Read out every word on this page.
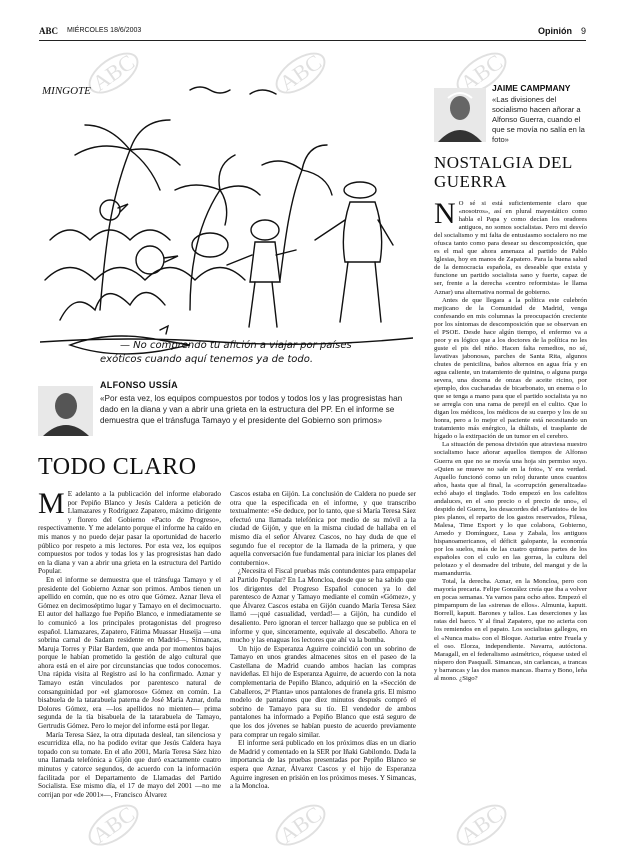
ABC MIÉRCOLES 18/6/2003	Opinión 9
ABC	ABC	ABC
ABC	ABC	ABC
MINGOTE
— No comprendo tu afición a viajar por países
exóticos cuando aquí tenemos ya de todo.
ALFONSO USSÍA
«Por esta vez, los equipos compuestos por todos y todos los y las progresistas han dado en la diana y van a abrir una grieta en la estructura del PP. En el informe se demuestra que el tránsfuga Tamayo y el presidente del Gobierno son primos»
TODO CLARO

M E adelanto a la publicación del informe elaborado por Pepiño Blanco y Jesús Caldera a petición de Llamazares y Rodríguez Zapatero, máximo dirigente y florero del Gobierno «Pacto de Progreso», respectivamente. Y me adelanto porque el informe ha caído en mis manos y no puedo dejar pasar la oportunidad de hacerlo público por respeto a mis lectores. Por esta vez, los equipos compuestos por todos y todas los y las progresistas han dado en la diana y van a abrir una grieta en la estructura del Partido Popular.

En el informe se demuestra que el tránsfuga Tamayo y el presidente del Gobierno Aznar son primos. Ambos tienen un apellido en común, que no es otro que Gómez. Aznar lleva el Gómez en decimoséptimo lugar y Tamayo en el decimocuarto. El autor del hallazgo fue Pepiño Blanco, e inmediatamente se lo comunicó a los principales protagonistas del progreso español. Llamazares, Zapatero, Fátima Muassar Huseija —una sobrina carnal de Sadam residente en Madrid—, Simancas, Maruja Torres y Pilar Bardem, que anda por momentos bajos porque le habían prometido la gestión de algo cultural que ahora está en el aire por circunstancias que todos conocemos. Una rápida visita al Registro así lo ha confirmado. Aznar y Tamayo están vinculados por parentesco natural de consanguinidad por «el glamoroso» Gómez en común. La bisabuela de la tatarabuela paterna de José María Aznar, doña Dolores Gómez, era —los apellidos no mienten— prima segunda de la tía bisabuela de la tatarabuela de Tamayo, Gertrudis Gómez. Pero lo mejor del informe está por llegar.

María Teresa Sáez, la otra diputada desleal, tan silenciosa y escurridiza ella, no ha podido evitar que Jesús Caldera haya topado con su tomate. En el año 2001, María Teresa Sáez hizo una llamada telefónica a Gijón que duró exactamente cuatro minutos y catorce segundos, de acuerdo con la información facilitada por el Departamento de Llamadas del Partido Socialista. Ese mismo día, el 17 de mayo del 2001 —no me corrijan por «de 2001»—, Francisco Álvarez

Cascos estaba en Gijón. La conclusión de Caldera no puede ser otra que la especificada en el informe, y que transcribo textualmente: «Se deduce, por lo tanto, que si María Teresa Sáez efectuó una llamada telefónica por medio de su móvil a la ciudad de Gijón, y que en la misma ciudad de hallaba en el mismo día el señor Álvarez Cascos, no hay duda de que el segundo fue el receptor de la llamada de la primera, y que aquella conversación fue fundamental para iniciar los planes del contubernio».

¿Necesita el Fiscal pruebas más contundentes para empapelar al Partido Popular? En La Moncloa, desde que se ha sabido que los dirigentes del Progreso Español conocen ya lo del parentesco de Aznar y Tamayo mediante el común «Gómez», y que Álvarez Cascos estaba en Gijón cuando María Teresa Sáez llamó —¡qué casualidad, verdad!— a Gijón, ha cundido el desaliento. Pero ignoran el tercer hallazgo que se publica en el informe y que, sinceramente, equivale al descabello. Ahora te mucho y las enaguas los lectores que ahí va la bomba.

Un hijo de Esperanza Aguirre coincidió con un sobrino de Tamayo en unos grandes almacenes sitos en el paseo de la Castellana de Madrid cuando ambos hacían las compras navideñas. El hijo de Esperanza Aguirre, de acuerdo con la nota complementaria de Pepiño Blanco, adquirió en la «Sección de Caballeros, 2ª Planta» unos pantalones de franela gris. El mismo modelo de pantalones que diez minutos después compró el sobrino de Tamayo para su tío. El vendedor de ambos pantalones ha informado a Pepiño Blanco que está seguro de que los dos jóvenes se habían puesto de acuerdo previamente para comprar un regalo similar.

El informe será publicado en los próximos días en un diario de Madrid y comentado en la SER por Iñaki Gabilondo. Dada la importancia de las pruebas presentadas por Pepiño Blanco se espera que Aznar, Álvarez Cascos y el hijo de Esperanza Aguirre ingresen en prisión en los próximos meses. Y Simancas, a la Moncloa.

JAIME CAMPMANY
«Las divisiones del socialismo hacen añorar a Alfonso Guerra, cuando el que se movía no salía en la foto»
NOSTALGIA DEL GUERRA

N O sé si está suficientemente claro que «nosotros», así en plural mayestático como habla el Papa y como decían los oradores antiguos, no somos socialistas. Pero mi desvío del socialismo y mi falta de entusiasmo socialero no me ofusca tanto como para desear su descomposición, que es el mal que ahora amenaza al partido de Pablo Iglesias, hoy en manos de Zapatero. Para la buena salud de la democracia española, es deseable que exista y funcione un partido socialista sano y fuerte, capaz de ser, frente a la derecha «centro reformista» le llama Aznar) una alternativa normal de gobierno.

Antes de que llegara a la política este culebrón mejicano de la Comunidad de Madrid, venga confesando en mis columnas la preocupación creciente por los síntomas de descomposición que se observan en el PSOE. Desde hace algún tiempo, el enfermo va a peor y es lógico que a los doctores de la política no les guste el pis del niño. Hacen falta remedios, no sé, lavativas jabonosas, parches de Santa Rita, algunos chutes de penicilina, baños alternos en agua fría y en agua caliente, un tratamiento de quinina, o alguna purga severa, una docena de onzas de aceite ricino, por ejemplo, dos cucharadas de bicarbonato, un enema o lo que se tenga a mano para que el partido socialista ya no se arregla con una rama de perejil en el culito. Que lo digan los médicos, los médicos de su cuerpo y los de su honra, pero a lo mejor el paciente está necesitando un tratamiento más enérgico, la diálisis, el trasplante de hígado o la extirpación de un tumor en el cerebro.

La situación de penosa división que atraviesa nuestro socialismo hace añorar aquellos tiempos de Alfonso Guerra en que no se movía una hoja sin permiso suyo. «Quien se mueve no sale en la foto», Y era verdad. Aquello funcionó como un reloj durante unos cuantos años, hasta que al final, la «corrupción generalizada» echó abajo el tinglado. Todo empezó en los cafelitos andaluces, en el «no precio o el precio de uno», el despido del Guerra, los desacordes del «Planisto» de los pies planos, el reparto de los gastos reservados, Filesa, Malesa, Time Export y lo que colabora, Gobierno, Amedo y Domínguez, Lasa y Zabala, los antiguos hispanoamericanos, el déficit galopante, la economía por los suelos, más de las cuatro quintas partes de los españoles con el culo en las gorras, la cultura del pelotazo y el desmadre del tribute, del mangui y de la mamandurria.

Total, la derecha. Aznar, en la Moncloa, pero con mayoría precaria. Felipe González creía que iba a volver en pocas semanas. Ya vamos para ocho años. Empezó el pimpampum de las «sirenas de ellos». Almunia, kaputt. Borrell, kaputt. Barones y tallos. Las deserciones y las ratas del barco. Y al final Zapatero, que no acierta con los remiendos en el papato. Los socialistas gallegos, en el «Nunca mais» con el Bloque. Asturias entre Fruela y el oso. Elorza, independiente. Navarra, autóctona. Maragall, en el federalismo asimétrico, róquese usted el níspero don Pasquall. Simancas, sin carlancas, a trancas y barrancas y las dos manos mancas. Ibarra y Bono, leña al mono. ¿Sigo?
